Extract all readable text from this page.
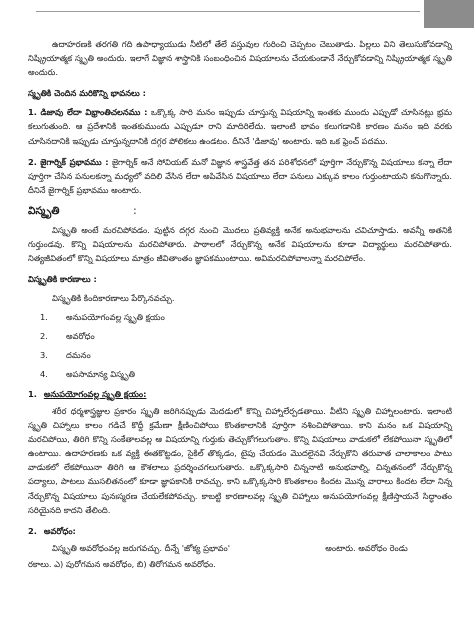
ఉదాహరణకి తరగతి గది ఉపాధ్యాయుడు నీటిలో తేలే వస్తువుల గురించి చెప్పటం చెబుతాడు. పిల్లలు విని తెలుసుకోవడాన్ని నిష్క్రియాత్మక స్మృతి అందురు. ఇలాగే విజ్ఞాన శాస్త్రానికి సంబంధించిన విషయాలను చేయకుండానే నేర్చుకోవడాన్ని నిష్క్రియాత్మక స్మృతి అందురు.

స్మృతికి చెందిన మరికొన్ని భావనలు :

1. డిజావు లేదా విభ్రాంతిచలనము : ఒక్కొక్క సారి మనం ఇప్పుడు చూస్తున్న విషయాన్ని ఇంతకు ముందు ఎప్పుడో చూసినట్లు భ్రమ కలుగుతుంది. ఆ ప్రదేశానికి ఇంతకుముందు ఎప్పుడూ రాని మాదిరిలేదు. ఇలాంటి భావం కలుగడానికి కారణం మనం ఇది వరకు చూసినదానికి ఇప్పుడు చూస్తున్నదానికి దగ్గర పోలికలు ఉండటం. దీనినే 'డిజావు' అంటారు. ఇది ఒక ఫ్రెంచ్ పదము.

2. జైగార్నిక్ ప్రభావము : జైగార్నిక్ అనే సోవియట్ మనో విజ్ఞాన శాస్త్రవేత్త తన పరిశోధనలో పూర్తిగా నేర్చుకొన్న విషయాలు కన్నా లేదా పూర్తిగా చేసిన పనులకన్నా మధ్యలో వదిలి వేసిన లేదా అపివేసిన విషయాలు లేదా పనులు ఎక్కువ కాలం గుర్తుంటాయని కనుగొన్నారు. దీనినే జైగార్నిక్ ప్రభావము అంటారు.

విస్మృతి	:

విస్మృతి అంటే మరచిపోవడం. పుట్టిన దగ్గర నుంచి మొదలు ప్రతివ్యక్తి అనేక అనుభవాలను చవిచూస్తాడు. అవన్నీ అతనికి గుర్తుండవు. కొన్ని విషయాలను మరచిపోతారు. పాఠాలలో నేర్చుకొన్న అనేక విషయాలను కూడా విద్యార్థులు మరచిపోతారు. నిత్యజీవితంలో కొన్ని విషయాలు మాత్రం జీవితాంతం జ్ఞాపకముంటాయి. అవిమరచిపోవాలన్నా మరచిపోలేం.

విస్మృతికి కారణాలు :

విస్మృతికి కిందికారణాలు పేర్కొనవచ్చు.

1.	అనుపయోగంవల్ల స్మృతి క్షయం
2.	అవరోధం
3.	దమనం
4.	అపసామాన్య విస్మృతి
1. అనుపయోగంవల్ల స్మృతి క్షయం:

శరీర ధర్మశాస్త్రజ్ఞుల ప్రకారం స్మృతి జరిగినప్పుడు మెదడులో కొన్ని చిహ్నాలేర్పడతాయి. వీటిని స్మృతి చిహ్నాలంటారు. ఇలాంటి స్మృతి చిహ్నాలు కాలం గడిచే కొద్దీ క్రమేణా క్షీణించిపోయి కొంతకాలానికి పూర్తిగా నశించిపోతాయి. కాని మనం ఒక విషయాన్ని మరచిపోయి, తిరిగి కొన్ని సంకేతాలవల్ల ఆ విషయాన్ని గుర్తుకు తెచ్చుకోగలుగుతాం. కొన్ని విషయాలు వాడుకలో లేకపోయినా స్మృతిలో ఉంటాయి. ఉదాహరణకు ఒక వ్యక్తి ఈతకొట్టడం, సైకిల్ తొక్కడం, టైపు చేయడం మొదలైనవి నేర్చుకొని తరువాత చాలాకాలం పాటు వాడుకలో లేకపోయినా తిరిగి ఆ కౌశలాలు ప్రదర్శించగలుగుతారు. ఒక్కొక్కసారి చిన్ననాటి అనుభవాల్ని, చిన్నతనంలో నేర్చుకొన్న పద్యాలు, పాటలు ముసలితనంలో కూడా జ్ఞాపకానికి రావచ్చు. కాని ఒక్కొక్కసారి కొంతకాలం కిందట మొన్న వారాలు కిందట లేదా నిన్న నేర్చుకొన్న విషయాలు పునఃస్మరణ చేయలేకపోవచ్చు. కాబట్టి కారణాలవల్ల స్మృతి చిహ్నాలు అనుపయోగంవల్ల క్షీణిస్తాయనే సిద్ధాంతం సరియైనది కాదని తేలింది.

2. అవరోధం:

విస్మృతి అవరోధంవల్ల జరుగవచ్చు. దీన్నే 'జోక్య ప్రభావం'	అంటారు. అవరోధం రెండు

రకాలు. ఎ) పురోగమన అవరోధం, బి) తిరోగమన అవరోధం.
